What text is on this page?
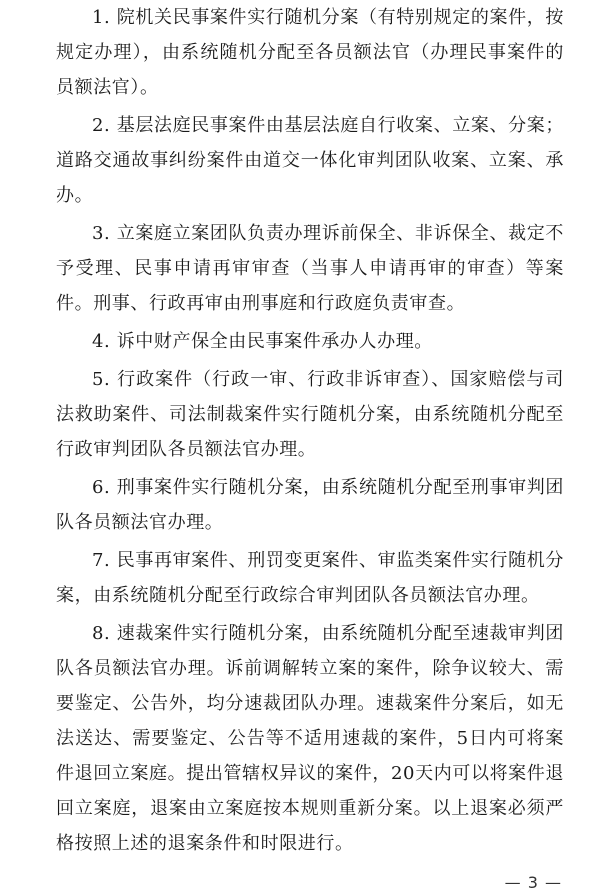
1. 院机关民事案件实行随机分案（有特别规定的案件，按规定办理），由系统随机分配至各员额法官（办理民事案件的员额法官）。

2. 基层法庭民事案件由基层法庭自行收案、立案、分案；道路交通故事纠纷案件由道交一体化审判团队收案、立案、承办。

3. 立案庭立案团队负责办理诉前保全、非诉保全、裁定不予受理、民事申请再审审查（当事人申请再审的审查）等案件。刑事、行政再审由刑事庭和行政庭负责审查。

4. 诉中财产保全由民事案件承办人办理。

5. 行政案件（行政一审、行政非诉审查）、国家赔偿与司法救助案件、司法制裁案件实行随机分案，由系统随机分配至行政审判团队各员额法官办理。

6. 刑事案件实行随机分案，由系统随机分配至刑事审判团队各员额法官办理。

7. 民事再审案件、刑罚变更案件、审监类案件实行随机分案，由系统随机分配至行政综合审判团队各员额法官办理。

8. 速裁案件实行随机分案，由系统随机分配至速裁审判团队各员额法官办理。诉前调解转立案的案件，除争议较大、需要鉴定、公告外，均分速裁团队办理。速裁案件分案后，如无法送达、需要鉴定、公告等不适用速裁的案件，5日内可将案件退回立案庭。提出管辖权异议的案件，20天内可以将案件退回立案庭，退案由立案庭按本规则重新分案。以上退案必须严格按照上述的退案条件和时限进行。

— 3 —
